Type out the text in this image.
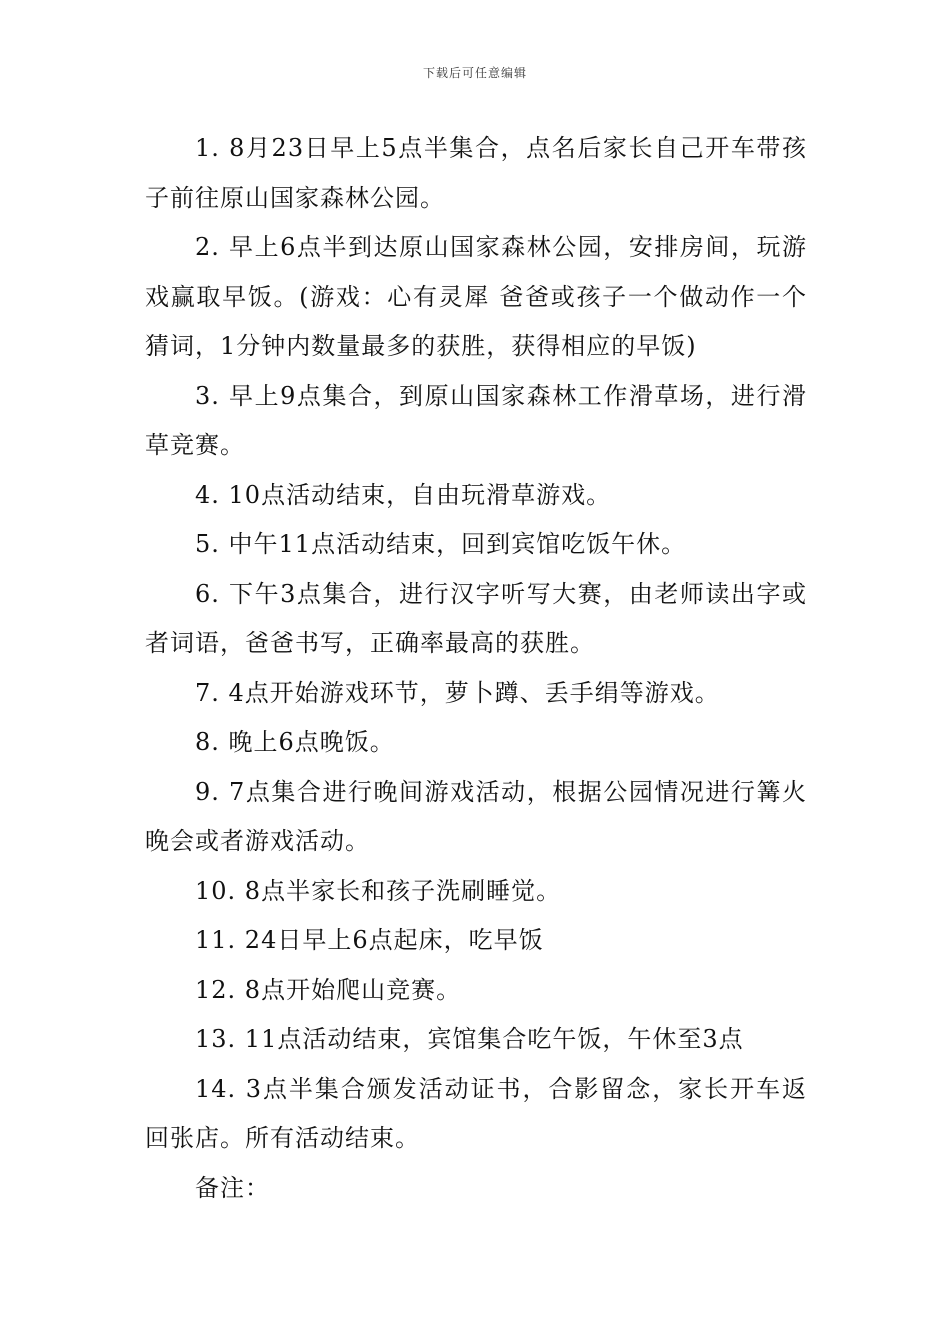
下载后可任意编辑

1. 8月23日早上5点半集合，点名后家长自己开车带孩子前往原山国家森林公园。

2. 早上6点半到达原山国家森林公园，安排房间，玩游戏赢取早饭。(游戏：心有灵犀 爸爸或孩子一个做动作一个猜词，1分钟内数量最多的获胜，获得相应的早饭)

3. 早上9点集合，到原山国家森林工作滑草场，进行滑草竞赛。

4. 10点活动结束，自由玩滑草游戏。

5. 中午11点活动结束，回到宾馆吃饭午休。

6. 下午3点集合，进行汉字听写大赛，由老师读出字或者词语，爸爸书写，正确率最高的获胜。

7. 4点开始游戏环节，萝卜蹲、丢手绢等游戏。

8. 晚上6点晚饭。

9. 7点集合进行晚间游戏活动，根据公园情况进行篝火晚会或者游戏活动。

10. 8点半家长和孩子洗刷睡觉。

11. 24日早上6点起床，吃早饭

12. 8点开始爬山竞赛。

13. 11点活动结束，宾馆集合吃午饭，午休至3点

14. 3点半集合颁发活动证书，合影留念，家长开车返回张店。所有活动结束。

备注：
